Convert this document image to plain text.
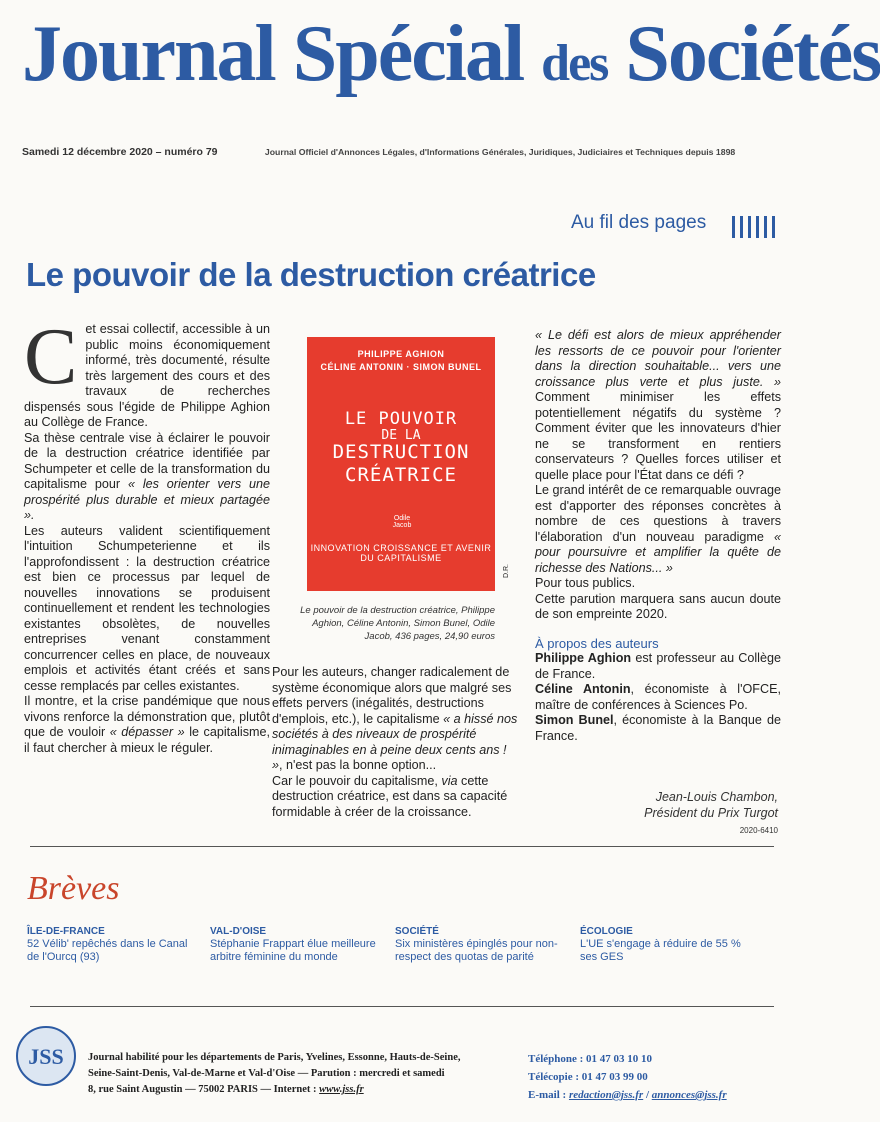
Journal Spécial des Sociétés
Samedi 12 décembre 2020 – numéro 79	Journal Officiel d'Annonces Légales, d'Informations Générales, Juridiques, Judiciaires et Techniques depuis 1898
Au fil des pages
Le pouvoir de la destruction créatrice
C et essai collectif, accessible à un public moins économiquement informé, très documenté, résulte très largement des cours et des travaux de recherches dispensés sous l'égide de Philippe Aghion au Collège de France.

Sa thèse centrale vise à éclairer le pouvoir de la destruction créatrice identifiée par Schumpeter et celle de la transformation du capitalisme pour « les orienter vers une prospérité plus durable et mieux partagée ».

Les auteurs valident scientifiquement l'intuition Schumpeterienne et ils l'approfondissent : la destruction créatrice est bien ce processus par lequel de nouvelles innovations se produisent continuellement et rendent les technologies existantes obsolètes, de nouvelles entreprises venant constamment concurrencer celles en place, de nouveaux emplois et activités étant créés et sans cesse remplacés par celles existantes.

Il montre, et la crise pandémique que nous vivons renforce la démonstration que, plutôt que de vouloir « dépasser » le capitalisme, il faut chercher à mieux le réguler.

PHILIPPE AGHION
CÉLINE ANTONIN · SIMON BUNEL
LE POUVOIR
DE LA
DESTRUCTION
CRÉATRICE
Odile Jacob
INNOVATION CROISSANCE ET AVENIR DU CAPITALISME
D.R.
Le pouvoir de la destruction créatrice, Philippe Aghion, Céline Antonin, Simon Bunel, Odile Jacob, 436 pages, 24,90 euros

Pour les auteurs, changer radicalement de système économique alors que malgré ses effets pervers (inégalités, destructions d'emplois, etc.), le capitalisme « a hissé nos sociétés à des niveaux de prospérité inimaginables en à peine deux cents ans ! », n'est pas la bonne option...

Car le pouvoir du capitalisme, via cette destruction créatrice, est dans sa capacité formidable à créer de la croissance.

« Le défi est alors de mieux appréhender les ressorts de ce pouvoir pour l'orienter dans la direction souhaitable... vers une croissance plus verte et plus juste. » Comment minimiser les effets potentiellement négatifs du système ? Comment éviter que les innovateurs d'hier ne se transforment en rentiers conservateurs ? Quelles forces utiliser et quelle place pour l'État dans ce défi ?

Le grand intérêt de ce remarquable ouvrage est d'apporter des réponses concrètes à nombre de ces questions à travers l'élaboration d'un nouveau paradigme « pour poursuivre et amplifier la quête de richesse des Nations... »

Pour tous publics.

Cette parution marquera sans aucun doute de son empreinte 2020.

À propos des auteurs

Philippe Aghion est professeur au Collège de France.

Céline Antonin, économiste à l'OFCE, maître de conférences à Sciences Po.

Simon Bunel, économiste à la Banque de France.

Jean-Louis Chambon,
Président du Prix Turgot
2020-6410
Brèves
ÎLE-DE-FRANCE
52 Vélib' repêchés dans le Canal de l'Ourcq (93)
VAL-D'OISE
Stéphanie Frappart élue meilleure arbitre féminine du monde
SOCIÉTÉ
Six ministères épinglés pour non-respect des quotas de parité
ÉCOLOGIE
L'UE s'engage à réduire de 55 % ses GES
JSS	Journal habilité pour les départements de Paris, Yvelines, Essonne, Hauts-de-Seine,
Seine-Saint-Denis, Val-de-Marne et Val-d'Oise — Parution : mercredi et samedi
8, rue Saint Augustin — 75002 PARIS — Internet : www.jss.fr
Téléphone : 01 47 03 10 10
Télécopie : 01 47 03 99 00
E-mail : redaction@jss.fr / annonces@jss.fr
